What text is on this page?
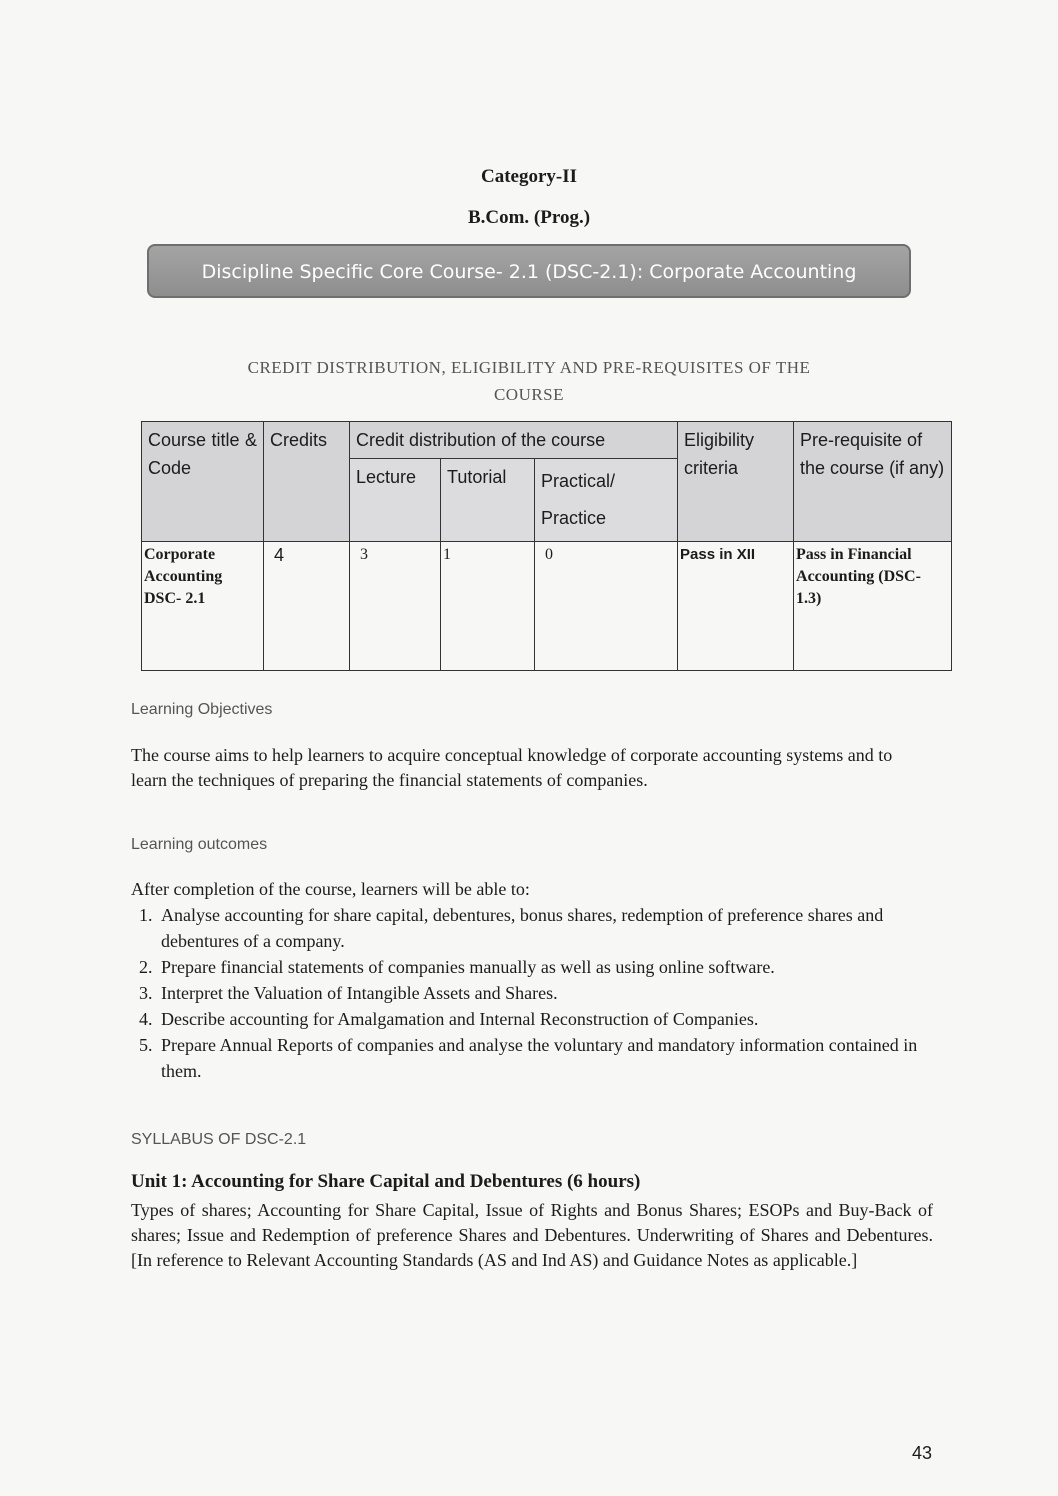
Category-II
B.Com. (Prog.)
Discipline Specific Core Course- 2.1 (DSC-2.1): Corporate Accounting
CREDIT DISTRIBUTION, ELIGIBILITY AND PRE-REQUISITES OF THE
COURSE
Course title & Code	Credits	Credit distribution of the course			Eligibility criteria	Pre-requisite of the course (if any)
		Lecture	Tutorial	Practical/ Practice		
Corporate Accounting DSC- 2.1	4	3	1	0	Pass in XII	Pass in Financial Accounting (DSC- 1.3)
Learning Objectives
The course aims to help learners to acquire conceptual knowledge of corporate accounting systems and to learn the techniques of preparing the financial statements of companies.
Learning outcomes
After completion of the course, learners will be able to:
1. Analyse accounting for share capital, debentures, bonus shares, redemption of preference shares and debentures of a company.
2. Prepare financial statements of companies manually as well as using online software.
3. Interpret the Valuation of Intangible Assets and Shares.
4. Describe accounting for Amalgamation and Internal Reconstruction of Companies.
5. Prepare Annual Reports of companies and analyse the voluntary and mandatory information contained in them.
SYLLABUS OF DSC-2.1
Unit 1: Accounting for Share Capital and Debentures (6 hours)
Types of shares; Accounting for Share Capital, Issue of Rights and Bonus Shares; ESOPs and Buy-Back of shares; Issue and Redemption of preference Shares and Debentures. Underwriting of Shares and Debentures. [In reference to Relevant Accounting Standards (AS and Ind AS) and Guidance Notes as applicable.]
43
